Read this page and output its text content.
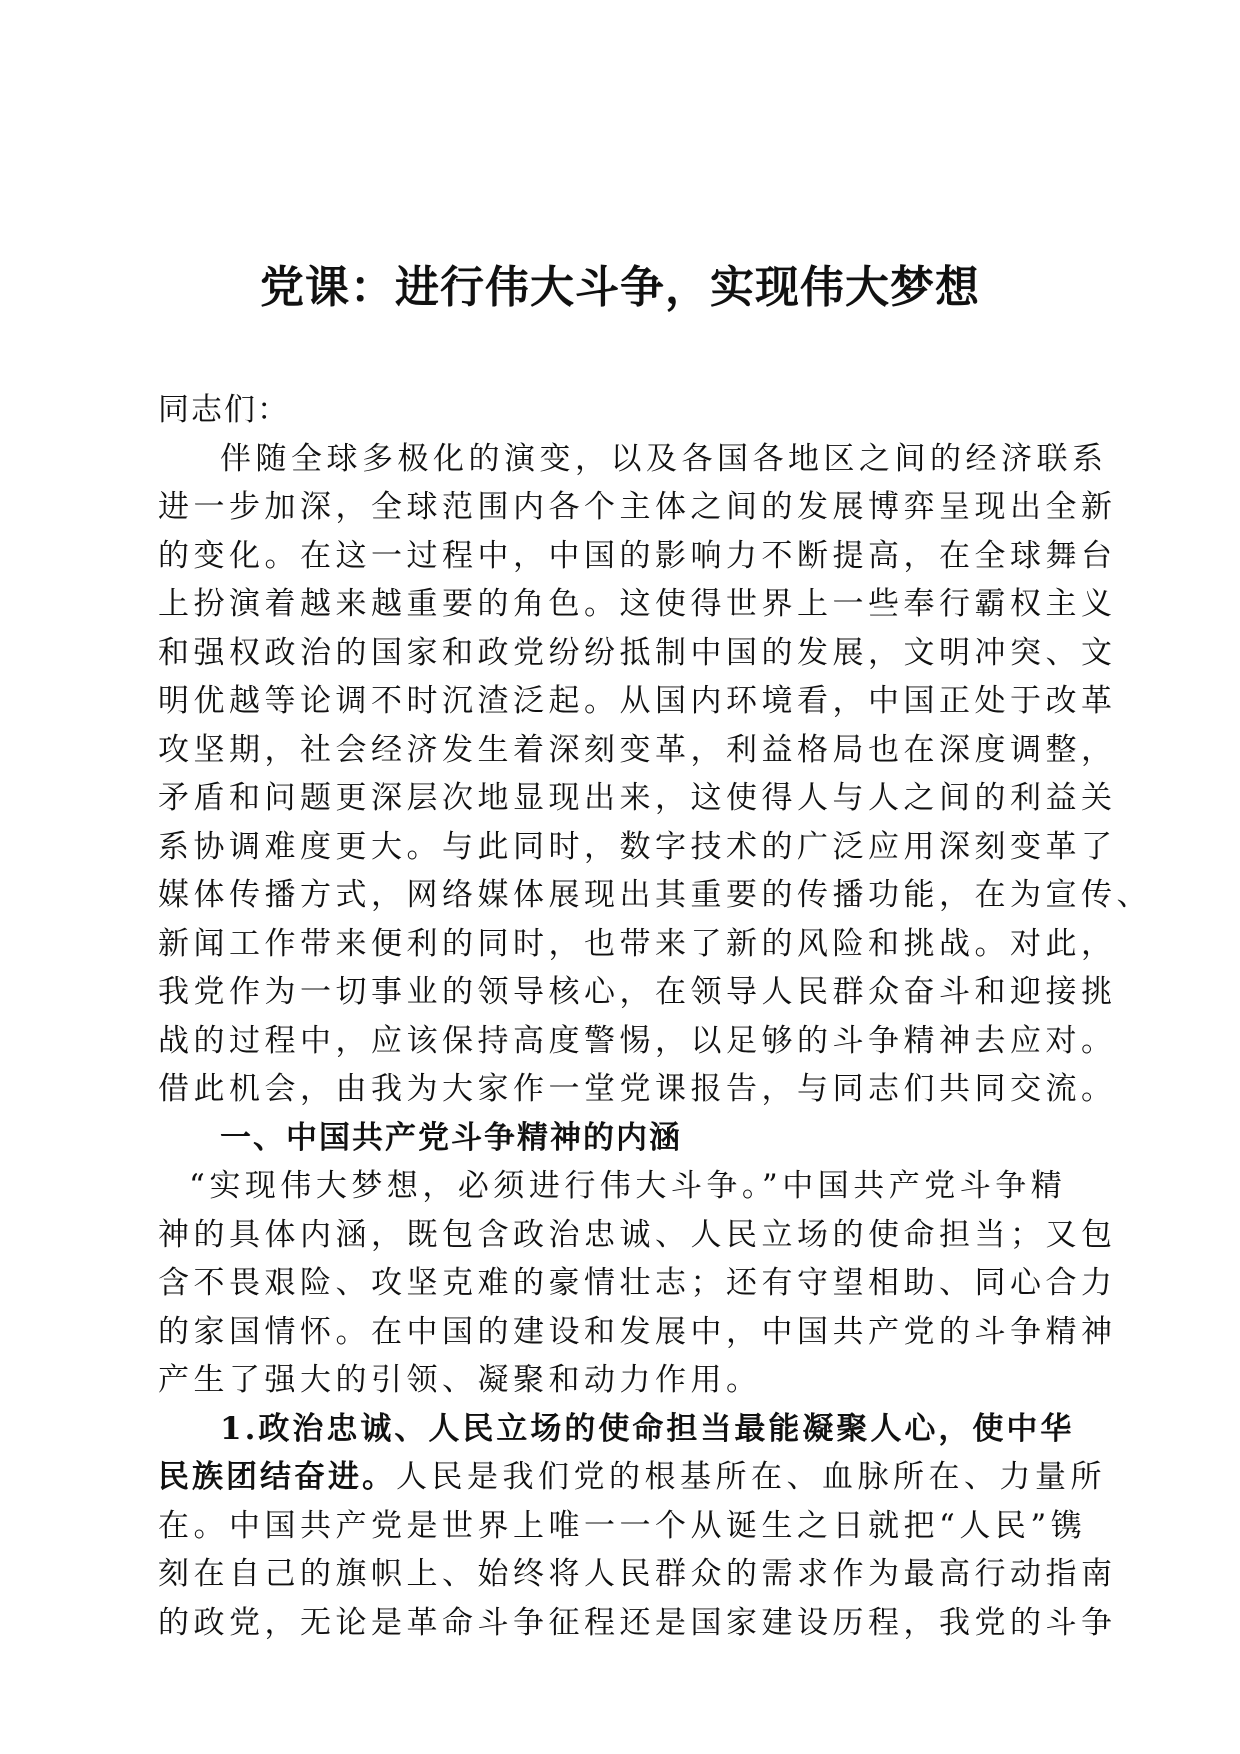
党课：进行伟大斗争，实现伟大梦想

同志们：

伴随全球多极化的演变，以及各国各地区之间的经济联系
进一步加深，全球范围内各个主体之间的发展博弈呈现出全新
的变化。在这一过程中，中国的影响力不断提高，在全球舞台
上扮演着越来越重要的角色。这使得世界上一些奉行霸权主义
和强权政治的国家和政党纷纷抵制中国的发展，文明冲突、文
明优越等论调不时沉渣泛起。从国内环境看，中国正处于改革
攻坚期，社会经济发生着深刻变革，利益格局也在深度调整，
矛盾和问题更深层次地显现出来，这使得人与人之间的利益关
系协调难度更大。与此同时，数字技术的广泛应用深刻变革了
媒体传播方式，网络媒体展现出其重要的传播功能，在为宣传、
新闻工作带来便利的同时，也带来了新的风险和挑战。对此，
我党作为一切事业的领导核心，在领导人民群众奋斗和迎接挑
战的过程中，应该保持高度警惕，以足够的斗争精神去应对。
借此机会，由我为大家作一堂党课报告，与同志们共同交流。

一、中国共产党斗争精神的内涵

“实现伟大梦想，必须进行伟大斗争。”中国共产党斗争精
神的具体内涵，既包含政治忠诚、人民立场的使命担当；又包
含不畏艰险、攻坚克难的豪情壮志；还有守望相助、同心合力
的家国情怀。在中国的建设和发展中，中国共产党的斗争精神
产生了强大的引领、凝聚和动力作用。

1.政治忠诚、人民立场的使命担当最能凝聚人心，使中华
民族团结奋进。人民是我们党的根基所在、血脉所在、力量所
在。中国共产党是世界上唯一一个从诞生之日就把“人民”镌
刻在自己的旗帜上、始终将人民群众的需求作为最高行动指南
的政党，无论是革命斗争征程还是国家建设历程，我党的斗争
